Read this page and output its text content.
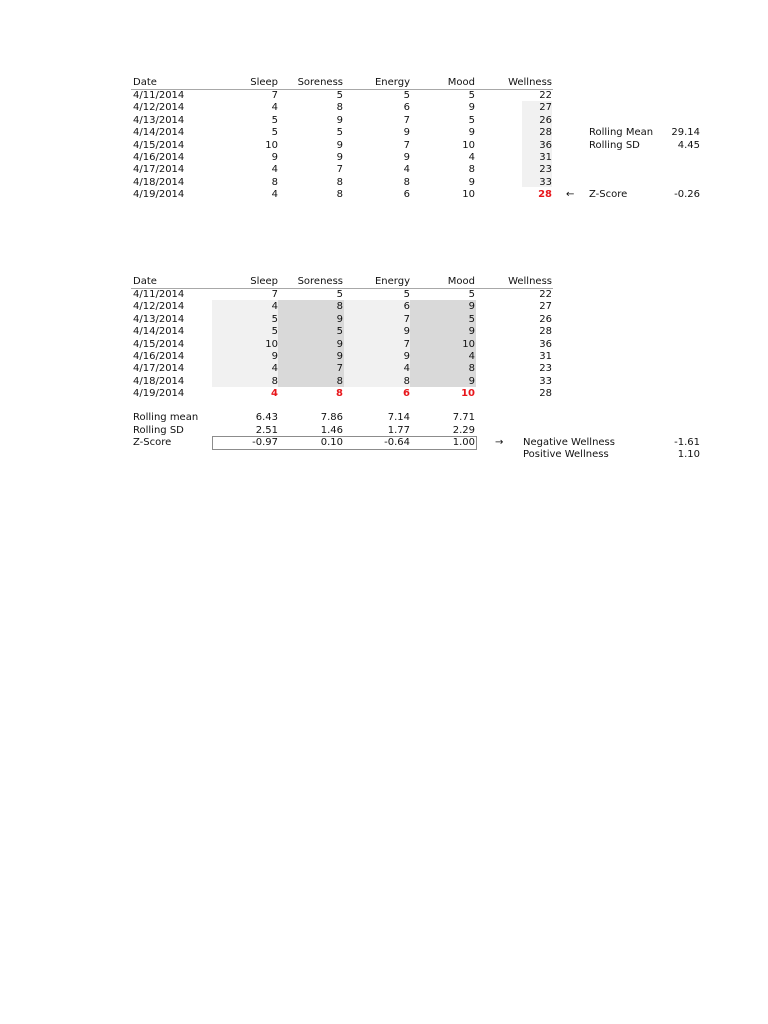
Date	Sleep Soreness	Energy	Mood	Wellness
4/11/2014	7	5	5	5	22
4/12/2014	4	8	6	9	27
4/13/2014	5	9	7	5	26
4/14/2014	5	5	9	9	28
4/15/2014	10	9	7	10	36
4/16/2014	9	9	9	4	31
4/17/2014	4	7	4	8	23
4/18/2014	8	8	8	9	33
4/19/2014	4	8	6	10	28
Rolling Mean 29.14
Rolling SD	4.45
← Z-Score	-0.26
Date	Sleep Soreness	Energy	Mood	Wellness
4/11/2014	7	5	5	5	22
4/12/2014	4	8	6	9	27
4/13/2014	5	9	7	5	26
4/14/2014	5	5	9	9	28
4/15/2014	10	9	7	10	36
4/16/2014	9	9	9	4	31
4/17/2014	4	7	4	8	23
4/18/2014	8	8	8	9	33
4/19/2014	4	8	6	10	28
Rolling mean	6.43	7.86	7.14	7.71
Rolling SD	2.51	1.46	1.77	2.29
Z-Score	-0.97	0.10	-0.64	1.00 → Negative Wellness	-1.61
Positive Wellness	1.10
